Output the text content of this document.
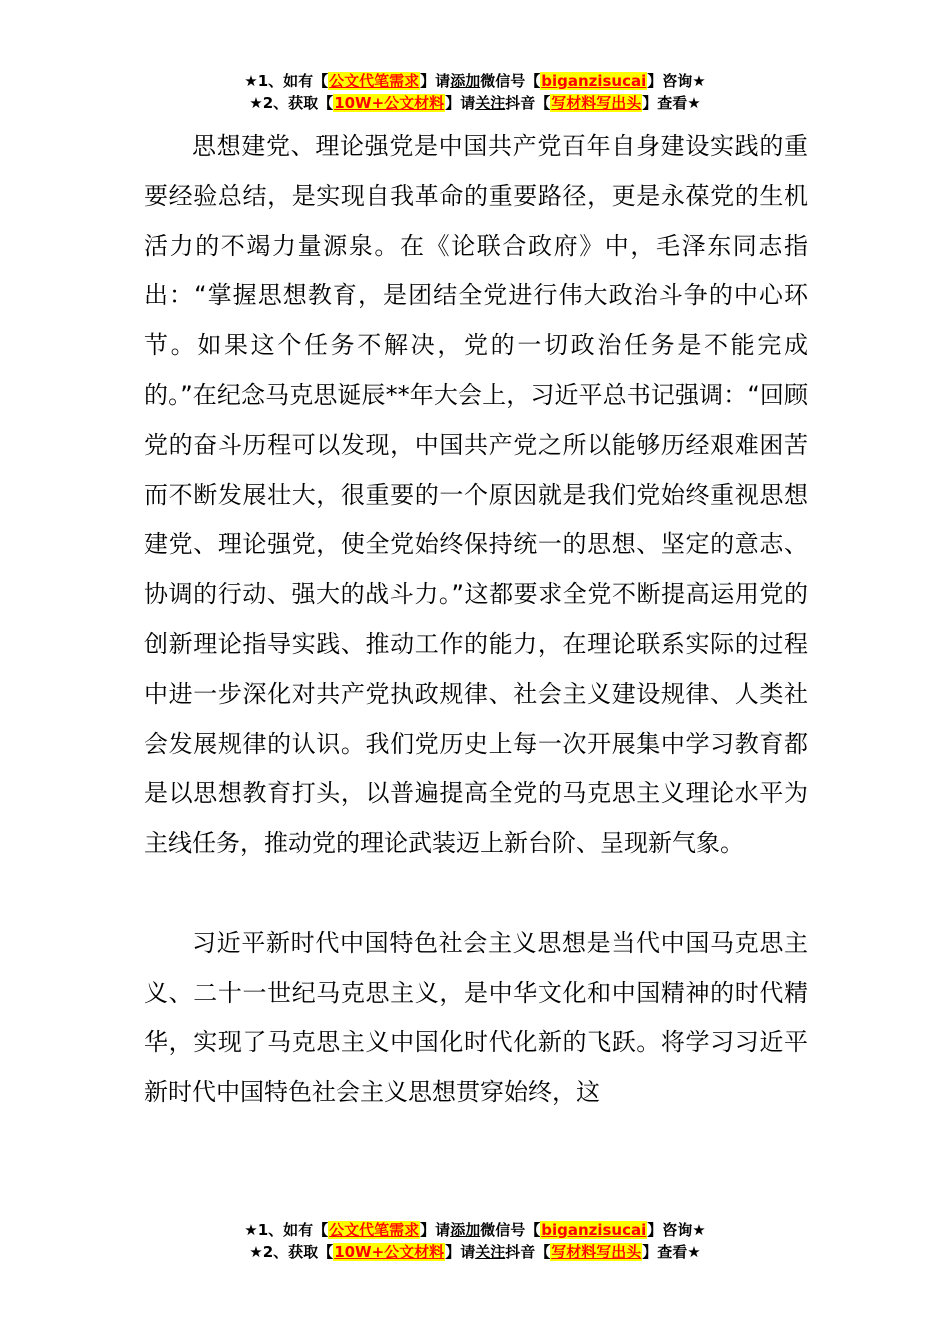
★1、如有【公文代笔需求】请添加微信号【biganzisucai】咨询★
★2、获取【10W+公文材料】请关注抖音【写材料写出头】查看★

思想建党、理论强党是中国共产党百年自身建设实践的重要经验总结，是实现自我革命的重要路径，更是永葆党的生机活力的不竭力量源泉。在《论联合政府》中，毛泽东同志指出：“掌握思想教育，是团结全党进行伟大政治斗争的中心环节。如果这个任务不解决，党的一切政治任务是不能完成的。”在纪念马克思诞辰**年大会上，习近平总书记强调：“回顾党的奋斗历程可以发现，中国共产党之所以能够历经艰难困苦而不断发展壮大，很重要的一个原因就是我们党始终重视思想建党、理论强党，使全党始终保持统一的思想、坚定的意志、协调的行动、强大的战斗力。”这都要求全党不断提高运用党的创新理论指导实践、推动工作的能力，在理论联系实际的过程中进一步深化对共产党执政规律、社会主义建设规律、人类社会发展规律的认识。我们党历史上每一次开展集中学习教育都是以思想教育打头，以普遍提高全党的马克思主义理论水平为主线任务，推动党的理论武装迈上新台阶、呈现新气象。

习近平新时代中国特色社会主义思想是当代中国马克思主义、二十一世纪马克思主义，是中华文化和中国精神的时代精华，实现了马克思主义中国化时代化新的飞跃。将学习习近平新时代中国特色社会主义思想贯穿始终，这

★1、如有【公文代笔需求】请添加微信号【biganzisucai】咨询★
★2、获取【10W+公文材料】请关注抖音【写材料写出头】查看★
